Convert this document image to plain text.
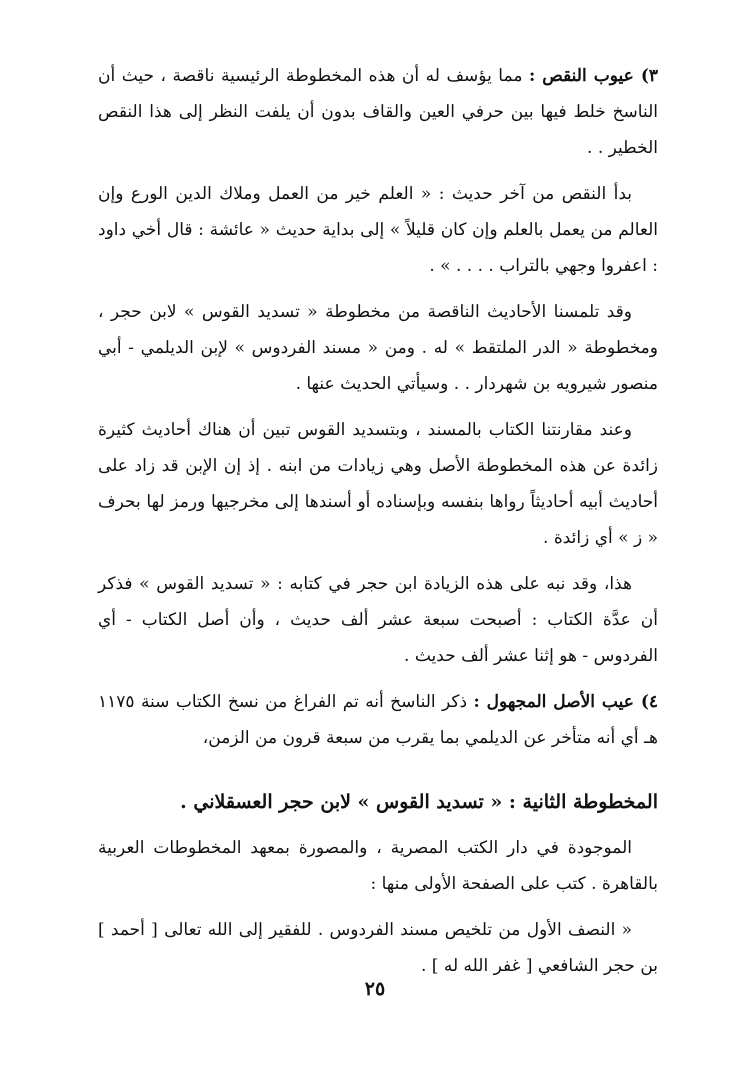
٣) عيوب النقص : مما يؤسف له أن هذه المخطوطة الرئيسية ناقصة ، حيث أن الناسخ خلط فيها بين حرفي العين والقاف بدون أن يلفت النظر إلى هذا النقص الخطير . .

بدأ النقص من آخر حديث : « العلم خير من العمل وملاك الدين الورع وإن العالم من يعمل بالعلم وإن كان قليلاً » إلى بداية حديث « عائشة : قال أخي داود : اعفروا وجهي بالتراب . . . . » .

وقد تلمسنا الأحاديث الناقصة من مخطوطة « تسديد القوس » لابن حجر ، ومخطوطة « الدر الملتقط » له . ومن « مسند الفردوس » لإبن الديلمي - أبي منصور شيرويه بن شهردار . . وسيأتي الحديث عنها .

وعند مقارنتنا الكتاب بالمسند ، وبتسديد القوس تبين أن هناك أحاديث كثيرة زائدة عن هذه المخطوطة الأصل وهي زيادات من ابنه . إذ إن الإبن قد زاد على أحاديث أبيه أحاديثاً رواها بنفسه وبإسناده أو أسندها إلى مخرجيها ورمز لها بحرف « ز » أي زائدة .

هذا، وقد نبه على هذه الزيادة ابن حجر في كتابه : « تسديد القوس » فذكر أن عدَّة الكتاب : أصبحت سبعة عشر ألف حديث ، وأن أصل الكتاب - أي الفردوس - هو إثنا عشر ألف حديث .

٤) عيب الأصل المجهول : ذكر الناسخ أنه تم الفراغ من نسخ الكتاب سنة ١١٧٥ هـ أي أنه متأخر عن الديلمي بما يقرب من سبعة قرون من الزمن،

المخطوطة الثانية : « تسديد القوس » لابن حجر العسقلاني .

الموجودة في دار الكتب المصرية ، والمصورة بمعهد المخطوطات العربية بالقاهرة . كتب على الصفحة الأولى منها :

« النصف الأول من تلخيص مسند الفردوس . للفقير إلى الله تعالى [ أحمد ] بن حجر الشافعي [ غفر الله له ] .

٢٥
